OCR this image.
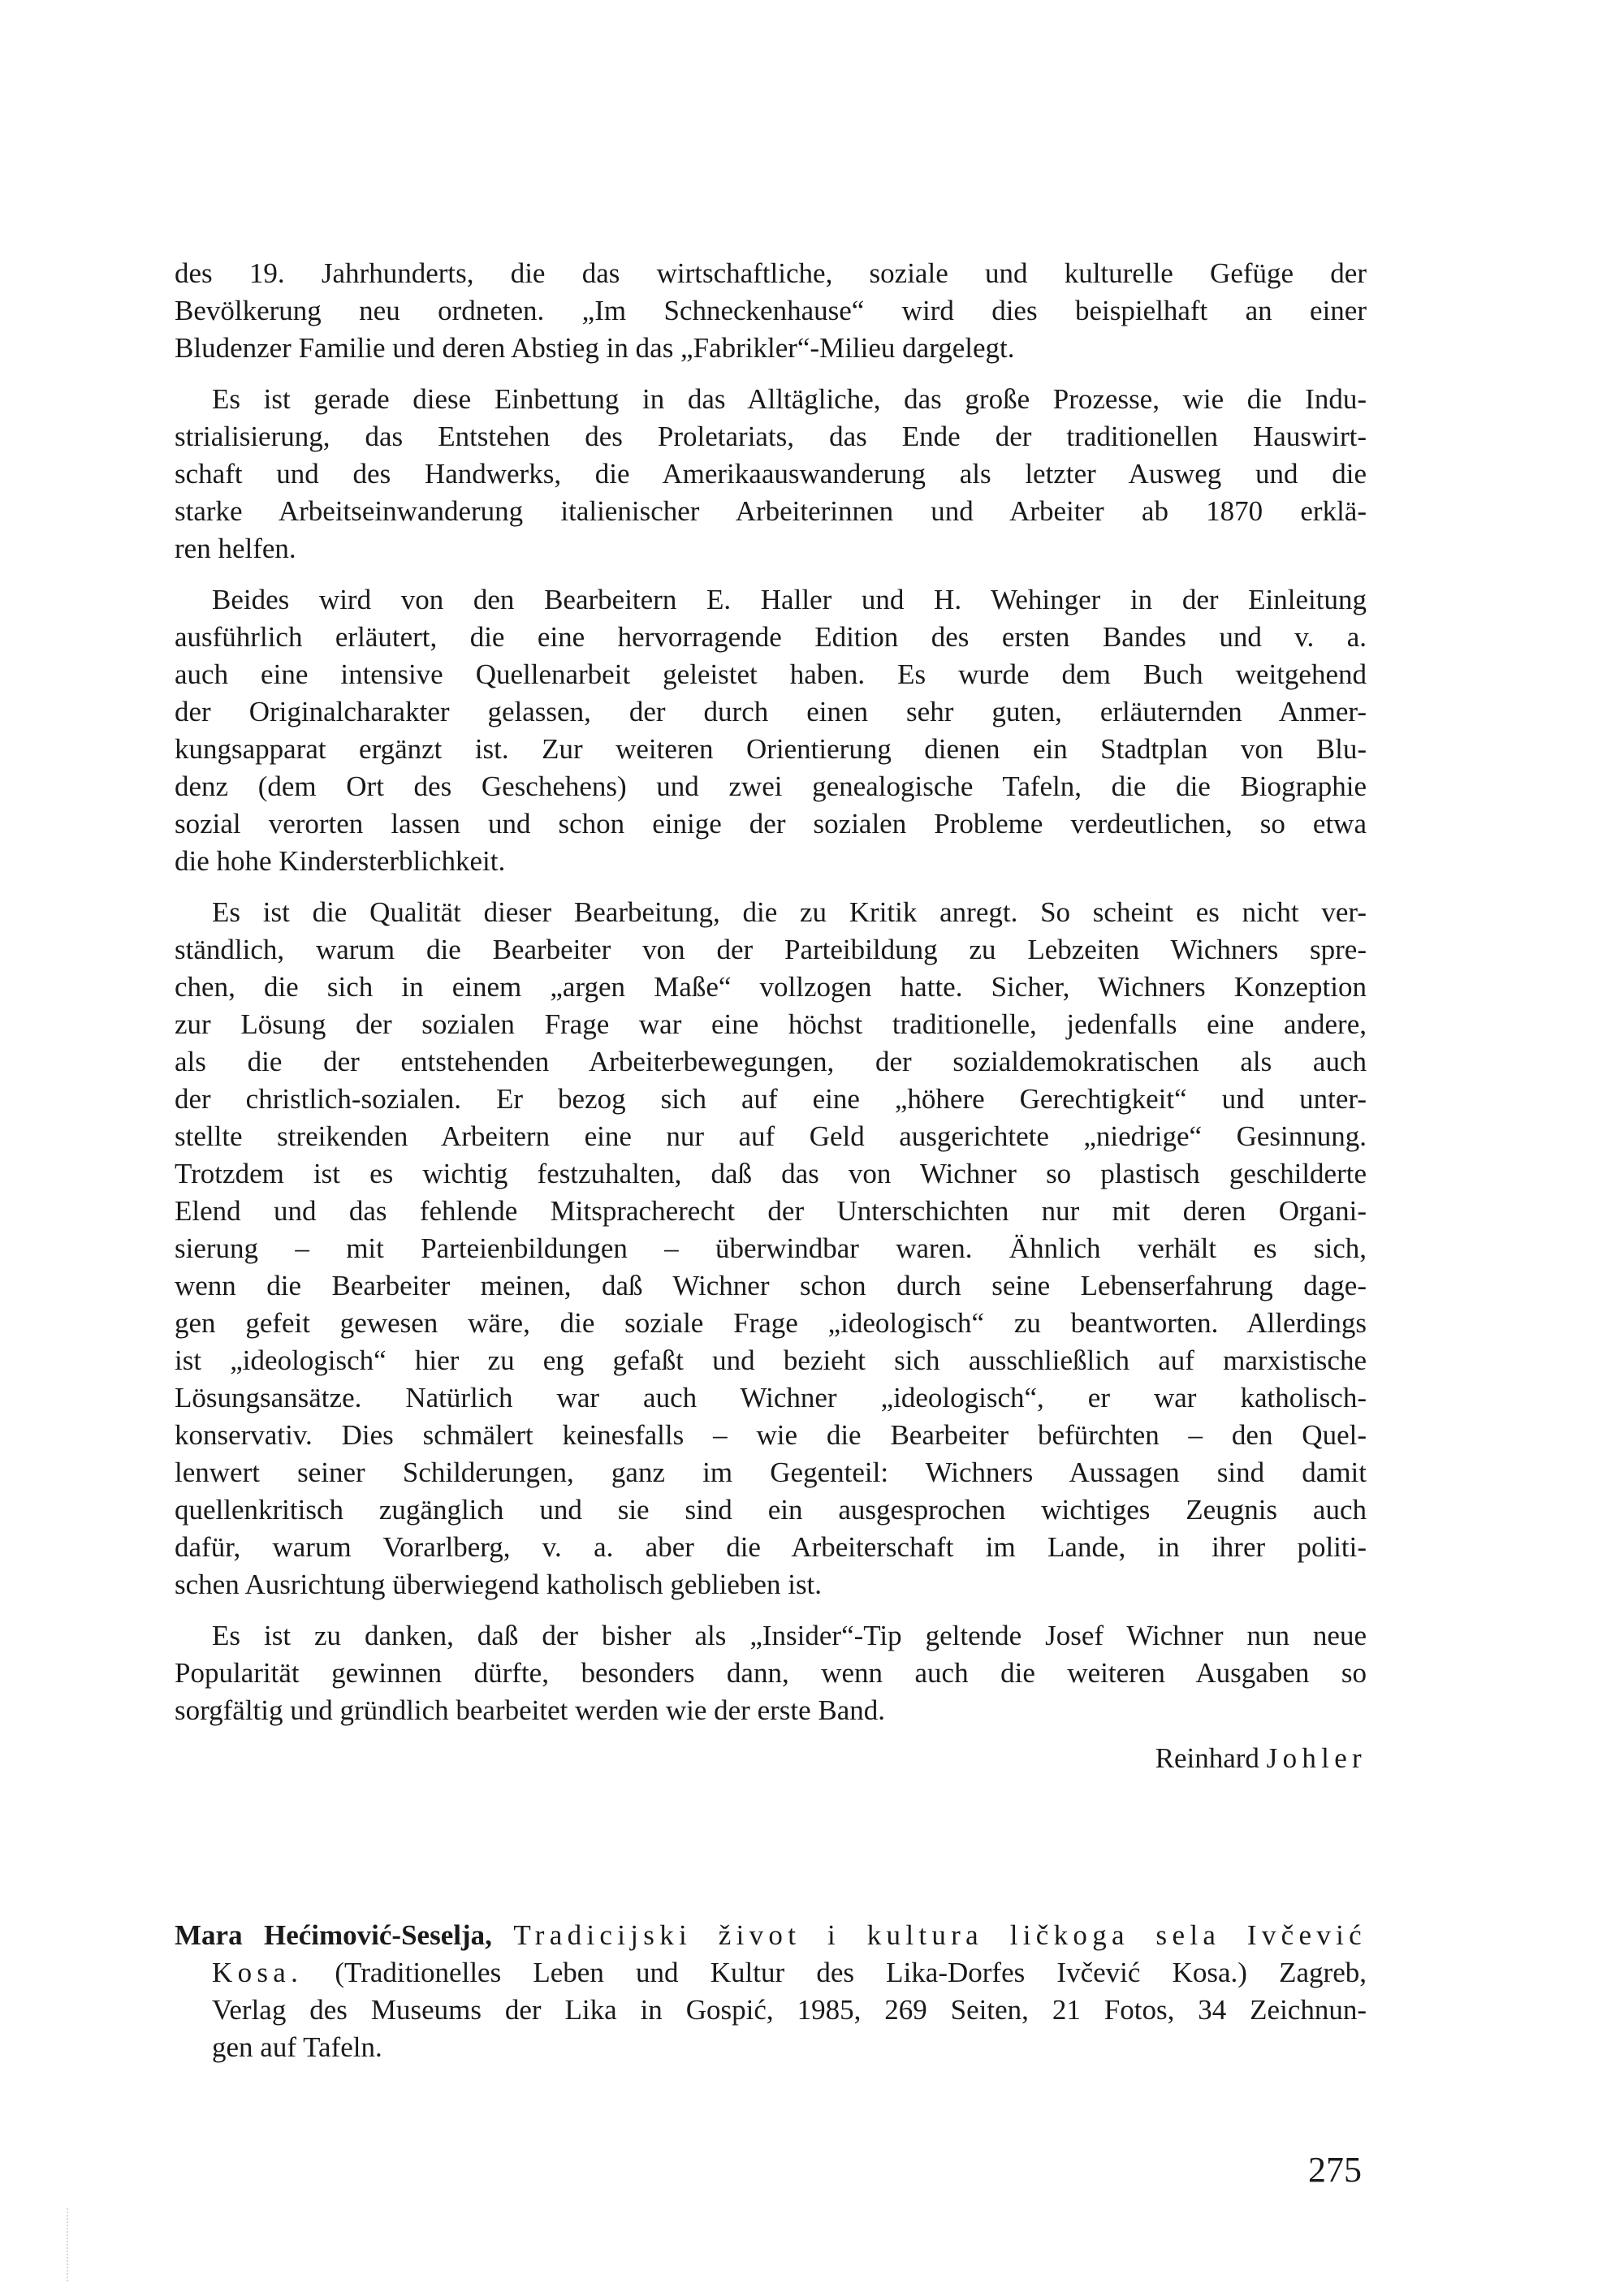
des 19. Jahrhunderts, die das wirtschaftliche, soziale und kulturelle Gefüge der
Bevölkerung neu ordneten. „Im Schneckenhause“ wird dies beispielhaft an einer
Bludenzer Familie und deren Abstieg in das „Fabrikler“-Milieu dargelegt.
Es ist gerade diese Einbettung in das Alltägliche, das große Prozesse, wie die Indu-
strialisierung, das Entstehen des Proletariats, das Ende der traditionellen Hauswirt-
schaft und des Handwerks, die Amerikaauswanderung als letzter Ausweg und die
starke Arbeitseinwanderung italienischer Arbeiterinnen und Arbeiter ab 1870 erklä-
ren helfen.
Beides wird von den Bearbeitern E. Haller und H. Wehinger in der Einleitung
ausführlich erläutert, die eine hervorragende Edition des ersten Bandes und v. a.
auch eine intensive Quellenarbeit geleistet haben. Es wurde dem Buch weitgehend
der Originalcharakter gelassen, der durch einen sehr guten, erläuternden Anmer-
kungsapparat ergänzt ist. Zur weiteren Orientierung dienen ein Stadtplan von Blu-
denz (dem Ort des Geschehens) und zwei genealogische Tafeln, die die Biographie
sozial verorten lassen und schon einige der sozialen Probleme verdeutlichen, so etwa
die hohe Kindersterblichkeit.
Es ist die Qualität dieser Bearbeitung, die zu Kritik anregt. So scheint es nicht ver-
ständlich, warum die Bearbeiter von der Parteibildung zu Lebzeiten Wichners spre-
chen, die sich in einem „argen Maße“ vollzogen hatte. Sicher, Wichners Konzeption
zur Lösung der sozialen Frage war eine höchst traditionelle, jedenfalls eine andere,
als die der entstehenden Arbeiterbewegungen, der sozialdemokratischen als auch
der christlich-sozialen. Er bezog sich auf eine „höhere Gerechtigkeit“ und unter-
stellte streikenden Arbeitern eine nur auf Geld ausgerichtete „niedrige“ Gesinnung.
Trotzdem ist es wichtig festzuhalten, daß das von Wichner so plastisch geschilderte
Elend und das fehlende Mitspracherecht der Unterschichten nur mit deren Organi-
sierung – mit Parteienbildungen – überwindbar waren. Ähnlich verhält es sich,
wenn die Bearbeiter meinen, daß Wichner schon durch seine Lebenserfahrung dage-
gen gefeit gewesen wäre, die soziale Frage „ideologisch“ zu beantworten. Allerdings
ist „ideologisch“ hier zu eng gefaßt und bezieht sich ausschließlich auf marxistische
Lösungsansätze. Natürlich war auch Wichner „ideologisch“, er war katholisch-
konservativ. Dies schmälert keinesfalls – wie die Bearbeiter befürchten – den Quel-
lenwert seiner Schilderungen, ganz im Gegenteil: Wichners Aussagen sind damit
quellenkritisch zugänglich und sie sind ein ausgesprochen wichtiges Zeugnis auch
dafür, warum Vorarlberg, v. a. aber die Arbeiterschaft im Lande, in ihrer politi-
schen Ausrichtung überwiegend katholisch geblieben ist.
Es ist zu danken, daß der bisher als „Insider“-Tip geltende Josef Wichner nun neue
Popularität gewinnen dürfte, besonders dann, wenn auch die weiteren Ausgaben so
sorgfältig und gründlich bearbeitet werden wie der erste Band.
Reinhard Johler
Mara Hećimović-Seselja, Tradicijski život i kultura ličkoga sela Ivčević
Kosa. (Traditionelles Leben und Kultur des Lika-Dorfes Ivčević Kosa.) Zagreb,
Verlag des Museums der Lika in Gospić, 1985, 269 Seiten, 21 Fotos, 34 Zeichnun-
gen auf Tafeln.
275
